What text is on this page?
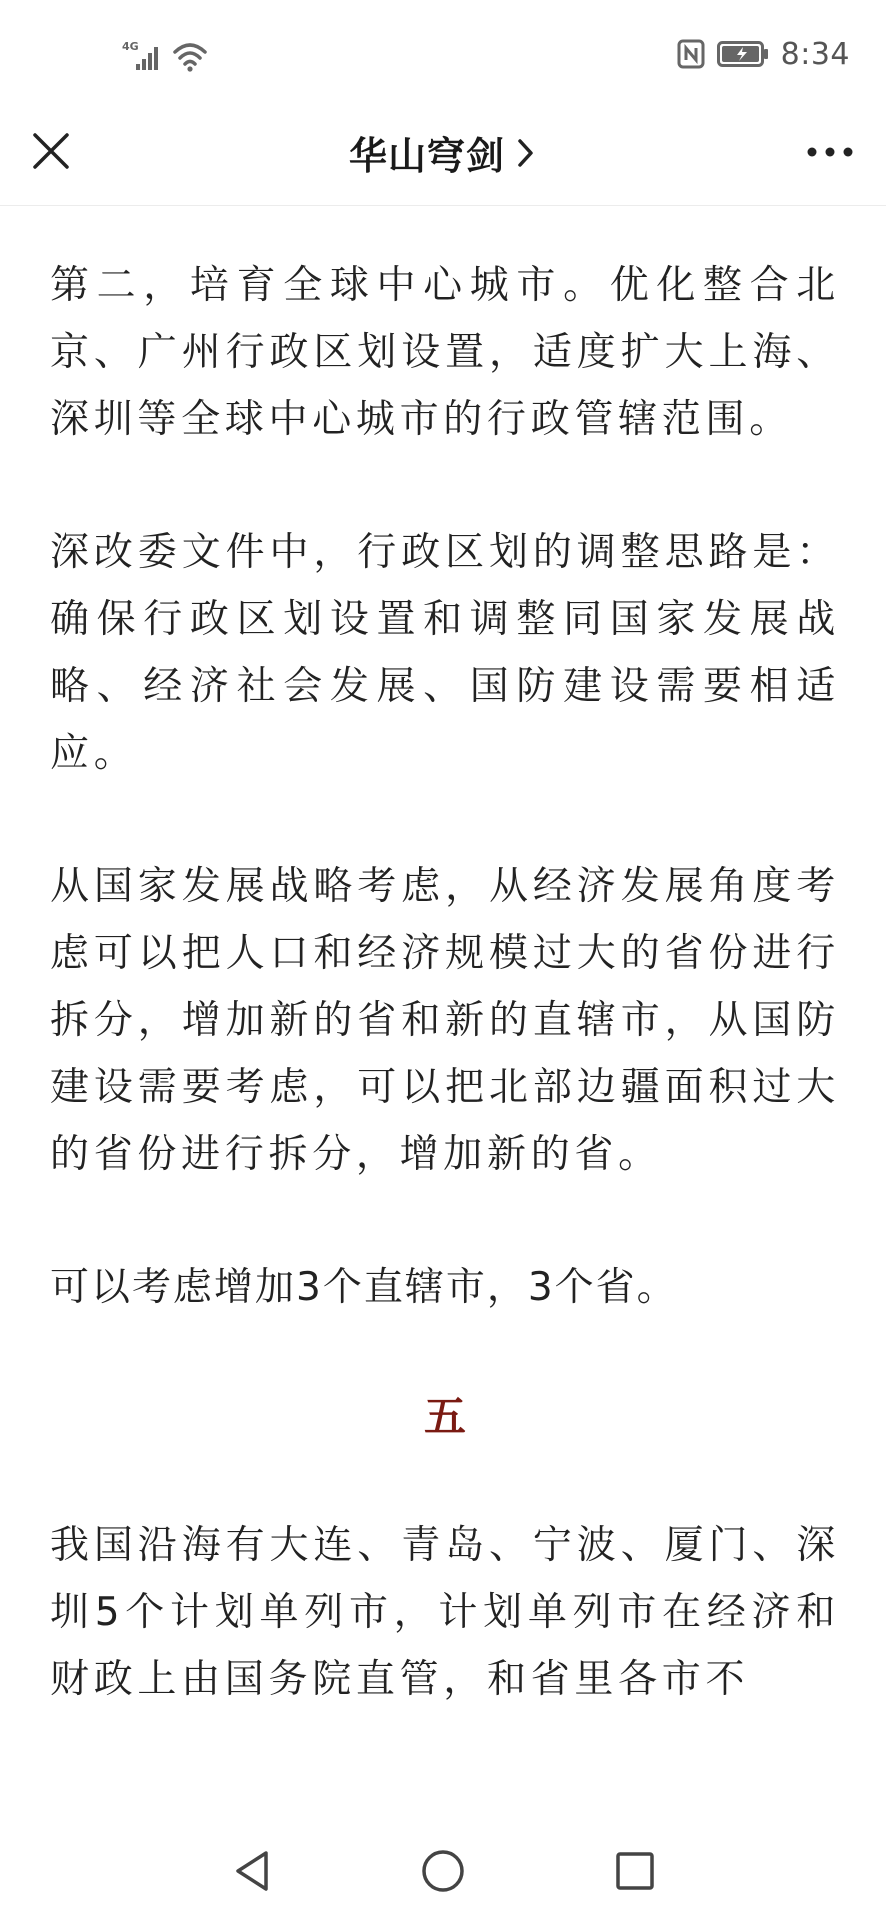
4G	8:34
华山穹剑

第二，培育全球中心城市。优化整合北京、广州行政区划设置，适度扩大上海、深圳等全球中心城市的行政管辖范围。

深改委文件中，行政区划的调整思路是：确保行政区划设置和调整同国家发展战略、经济社会发展、国防建设需要相适应。

从国家发展战略考虑，从经济发展角度考虑可以把人口和经济规模过大的省份进行拆分，增加新的省和新的直辖市，从国防建设需要考虑，可以把北部边疆面积过大的省份进行拆分，增加新的省。

可以考虑增加3个直辖市，3个省。

五

我国沿海有大连、青岛、宁波、厦门、深圳5个计划单列市，计划单列市在经济和财政上由国务院直管，和省里各市不
